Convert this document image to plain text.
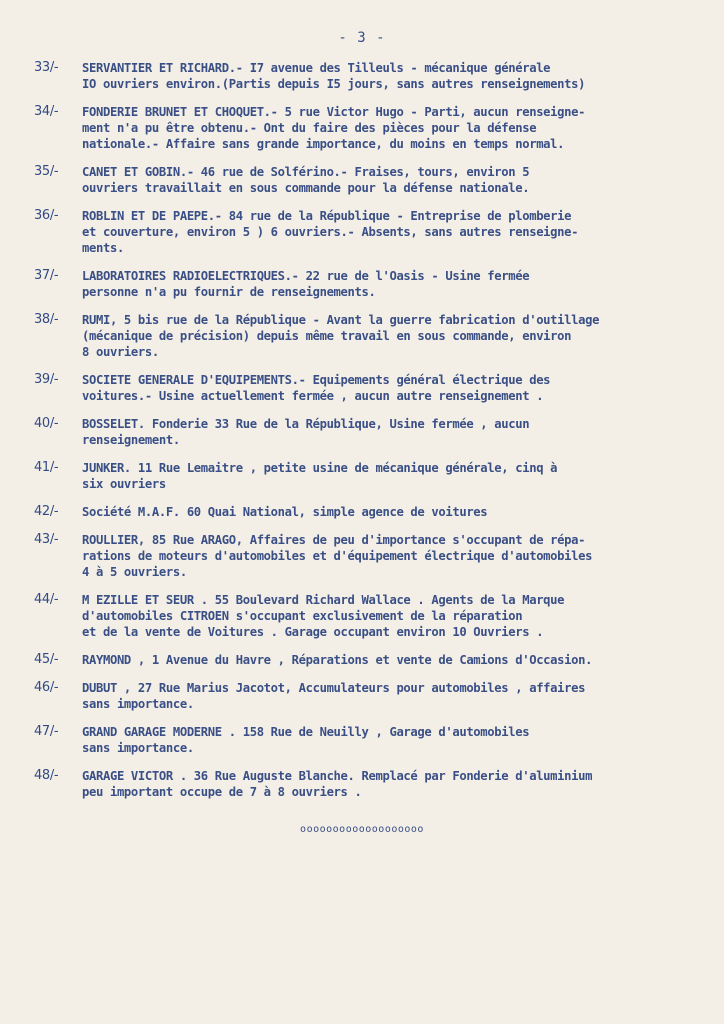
- 3 -
33/- SERVANTIER ET RICHARD.- I7 avenue des Tilleuls - mécanique générale
IO ouvriers environ.(Partis depuis I5 jours, sans autres renseignements)
34/- FONDERIE BRUNET ET CHOQUET.- 5 rue Victor Hugo - Parti, aucun renseigne-
ment n'a pu être obtenu.- Ont du faire des pièces pour la défense
nationale.- Affaire sans grande importance, du moins en temps normal.
35/- CANET ET GOBIN.- 46 rue de Solférino.- Fraises, tours, environ 5
ouvriers travaillait en sous commande pour la défense nationale.
36/- ROBLIN ET DE PAEPE.- 84 rue de la République - Entreprise de plomberie
et couverture, environ 5 ) 6 ouvriers.- Absents, sans autres renseigne-
ments.
37/- LABORATOIRES RADIOELECTRIQUES.- 22 rue de l'Oasis - Usine fermée
personne n'a pu fournir de renseignements.
38/- RUMI, 5 bis rue de la République - Avant la guerre fabrication d'outillage
(mécanique de précision) depuis même travail en sous commande, environ
8 ouvriers.
39/- SOCIETE GENERALE D'EQUIPEMENTS.- Equipements général électrique des
voitures.- Usine actuellement fermée , aucun autre renseignement .
40/- BOSSELET. Fonderie 33 Rue de la République, Usine fermée , aucun
renseignement.
41/- JUNKER. 11 Rue Lemaitre , petite usine de mécanique générale, cinq à
six ouvriers
42/- Société M.A.F. 60 Quai National, simple agence de voitures
43/- ROULLIER, 85 Rue ARAGO, Affaires de peu d'importance s'occupant de répa-
rations de moteurs d'automobiles et d'équipement électrique d'automobiles
4 à 5 ouvriers.
44/- M EZILLE ET SEUR . 55 Boulevard Richard Wallace . Agents de la Marque
d'automobiles CITROEN s'occupant exclusivement de la réparation
et de la vente de Voitures . Garage occupant environ 10 Ouvriers .
45/- RAYMOND , 1 Avenue du Havre , Réparations et vente de Camions d'Occasion.
46/- DUBUT , 27 Rue Marius Jacotot, Accumulateurs pour automobiles , affaires
sans importance.
47/- GRAND GARAGE MODERNE . 158 Rue de Neuilly , Garage d'automobiles
sans importance.
48/- GARAGE VICTOR . 36 Rue Auguste Blanche. Remplacé par Fonderie d'aluminium
peu important occupe de 7 à 8 ouvriers .
ooooooooooooooooooo
